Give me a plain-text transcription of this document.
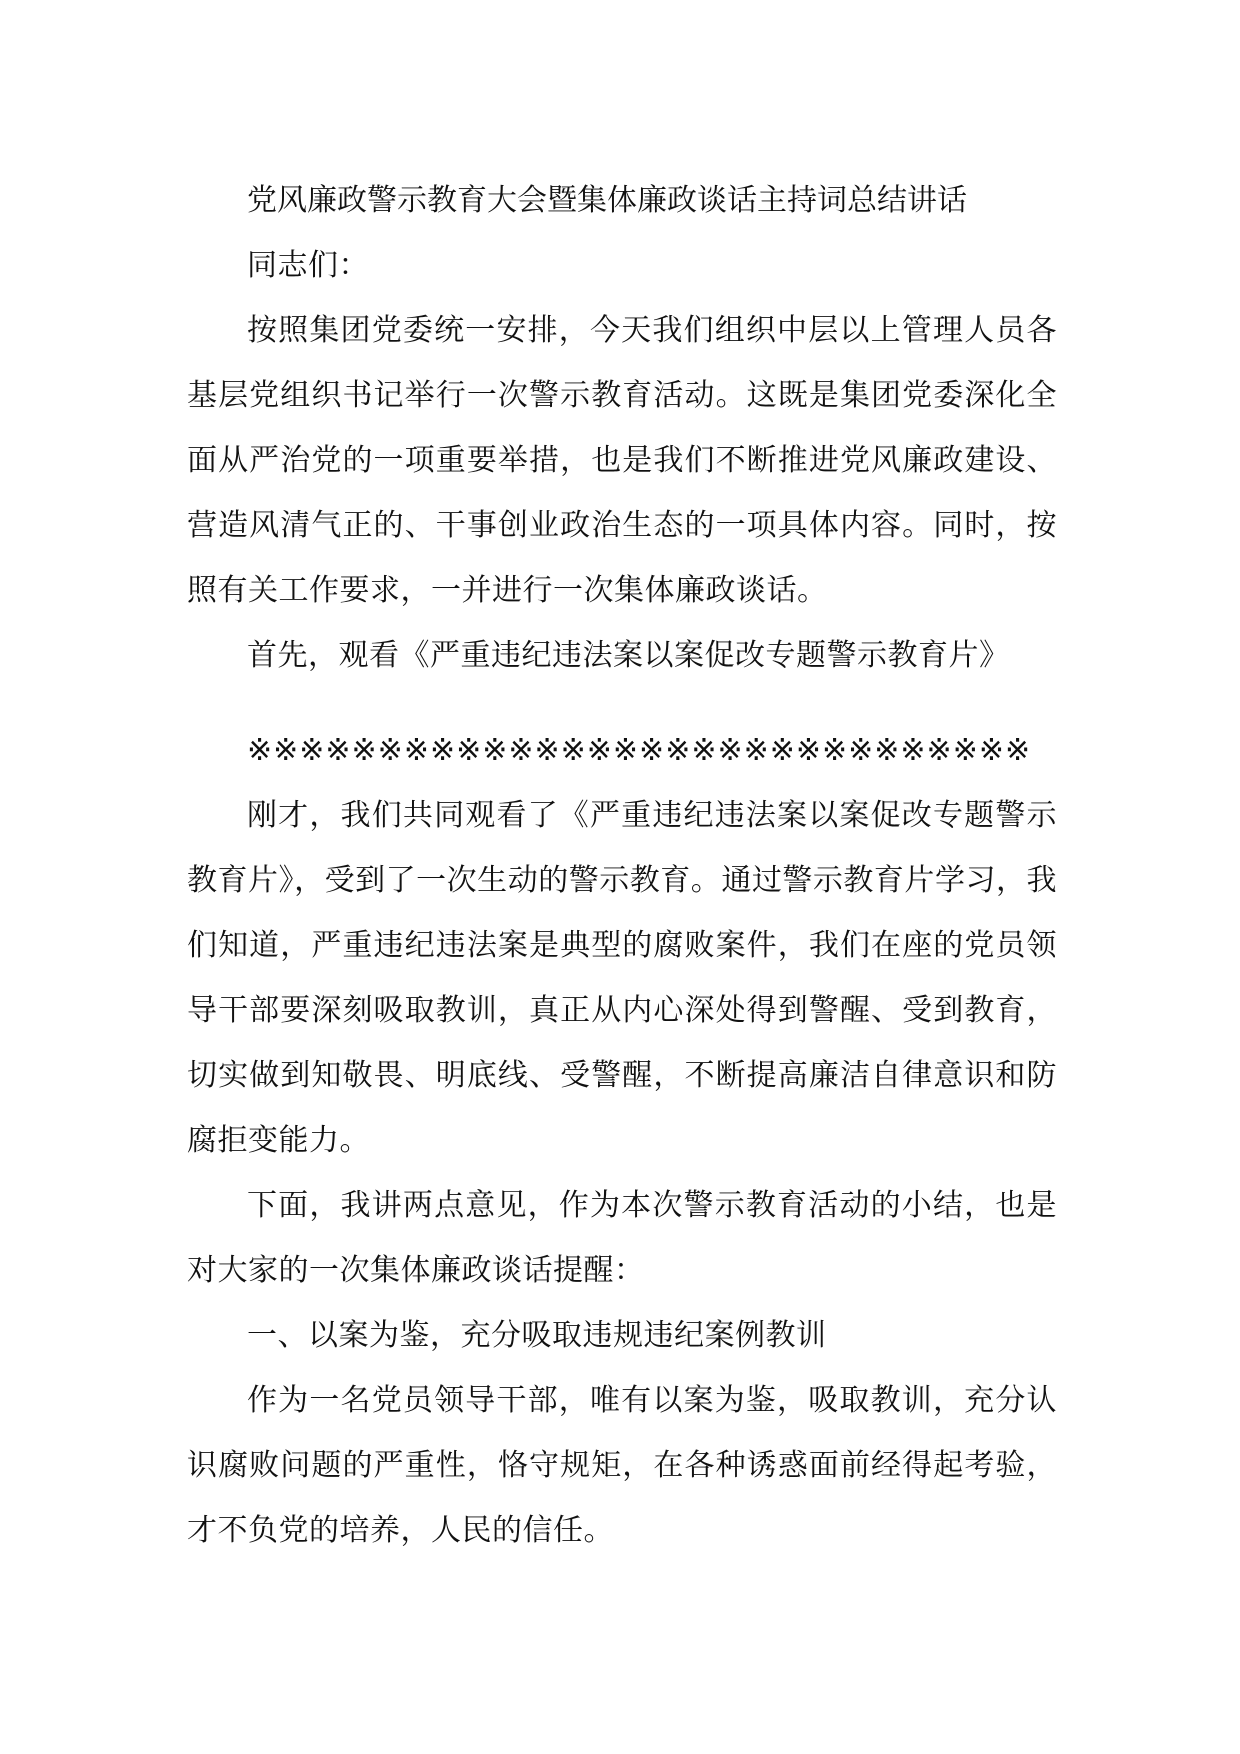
党风廉政警示教育大会暨集体廉政谈话主持词总结讲话

同志们：

按照集团党委统一安排，今天我们组织中层以上管理人员各基层党组织书记举行一次警示教育活动。这既是集团党委深化全面从严治党的一项重要举措，也是我们不断推进党风廉政建设、营造风清气正的、干事创业政治生态的一项具体内容。同时，按照有关工作要求，一并进行一次集体廉政谈话。

首先，观看《严重违纪违法案以案促改专题警示教育片》

※※※※※※※※※※※※※※※※※※※※※※※※※※※※※※

刚才，我们共同观看了《严重违纪违法案以案促改专题警示教育片》，受到了一次生动的警示教育。通过警示教育片学习，我们知道，严重违纪违法案是典型的腐败案件，我们在座的党员领导干部要深刻吸取教训，真正从内心深处得到警醒、受到教育，切实做到知敬畏、明底线、受警醒，不断提高廉洁自律意识和防腐拒变能力。

下面，我讲两点意见，作为本次警示教育活动的小结，也是对大家的一次集体廉政谈话提醒：

一、以案为鉴，充分吸取违规违纪案例教训

作为一名党员领导干部，唯有以案为鉴，吸取教训，充分认识腐败问题的严重性，恪守规矩，在各种诱惑面前经得起考验，才不负党的培养，人民的信任。
